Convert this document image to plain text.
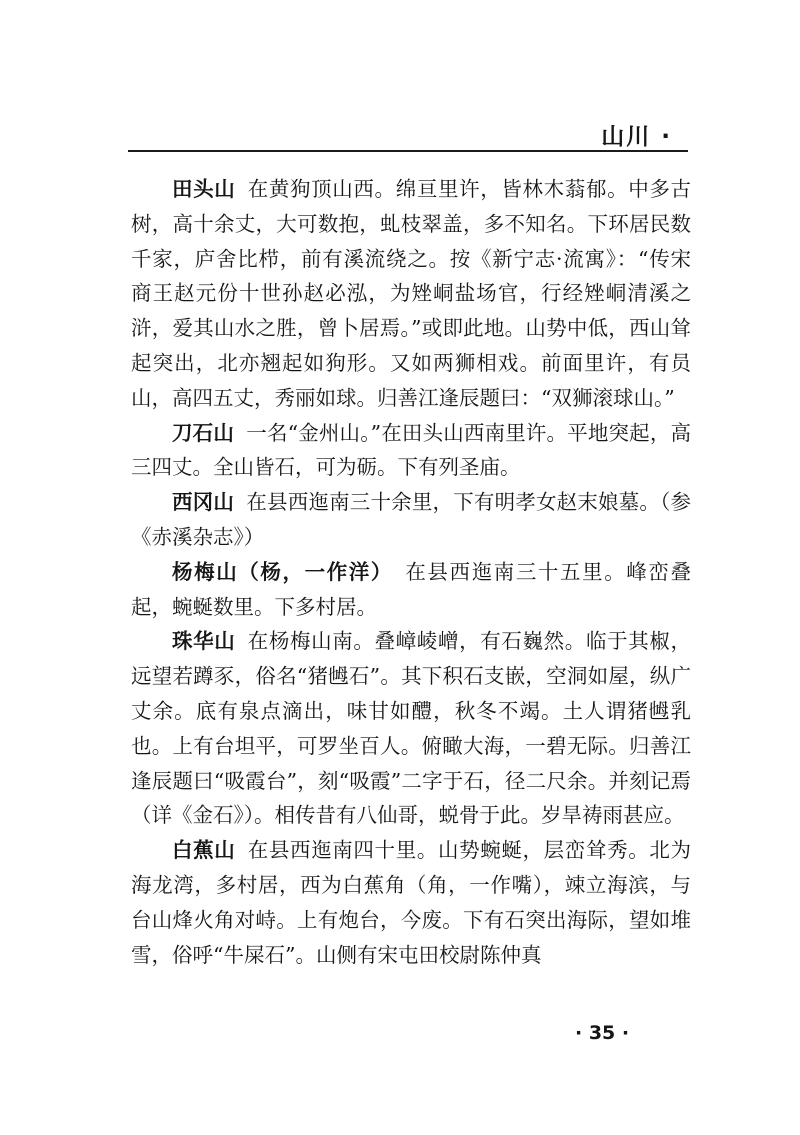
山川 ·

田头山 在黄狗顶山西。绵亘里许，皆林木蓊郁。中多古树，高十余丈，大可数抱，虬枝翠盖，多不知名。下环居民数千家，庐舍比栉，前有溪流绕之。按《新宁志·流寓》：“传宋商王赵元份十世孙赵必泓，为矬峒盐场官，行经矬峒清溪之浒，爱其山水之胜，曾卜居焉。”或即此地。山势中低，西山耸起突出，北亦翘起如狗形。又如两狮相戏。前面里许，有员山，高四五丈，秀丽如球。归善江逢辰题曰：“双狮滚球山。”

刀石山 一名“金州山。”在田头山西南里许。平地突起，高三四丈。全山皆石，可为砺。下有列圣庙。

西冈山 在县西迤南三十余里，下有明孝女赵末娘墓。（参《赤溪杂志》）

杨梅山（杨，一作洋） 在县西迤南三十五里。峰峦叠起，蜿蜒数里。下多村居。

珠华山 在杨梅山南。叠嶂崚嶒，有石巍然。临于其椒，远望若蹲豕，俗名“猪乸石”。其下积石支嵌，空洞如屋，纵广丈余。底有泉点滴出，味甘如醴，秋冬不竭。土人谓猪乸乳也。上有台坦平，可罗坐百人。俯瞰大海，一碧无际。归善江逢辰题曰“吸霞台”，刻“吸霞”二字于石，径二尺余。并刻记焉（详《金石》）。相传昔有八仙哥，蜕骨于此。岁旱祷雨甚应。

白蕉山 在县西迤南四十里。山势蜿蜒，层峦耸秀。北为海龙湾，多村居，西为白蕉角（角，一作嘴），竦立海滨，与台山烽火角对峙。上有炮台，今废。下有石突出海际，望如堆雪，俗呼“牛屎石”。山侧有宋屯田校尉陈仲真

· 35 ·
